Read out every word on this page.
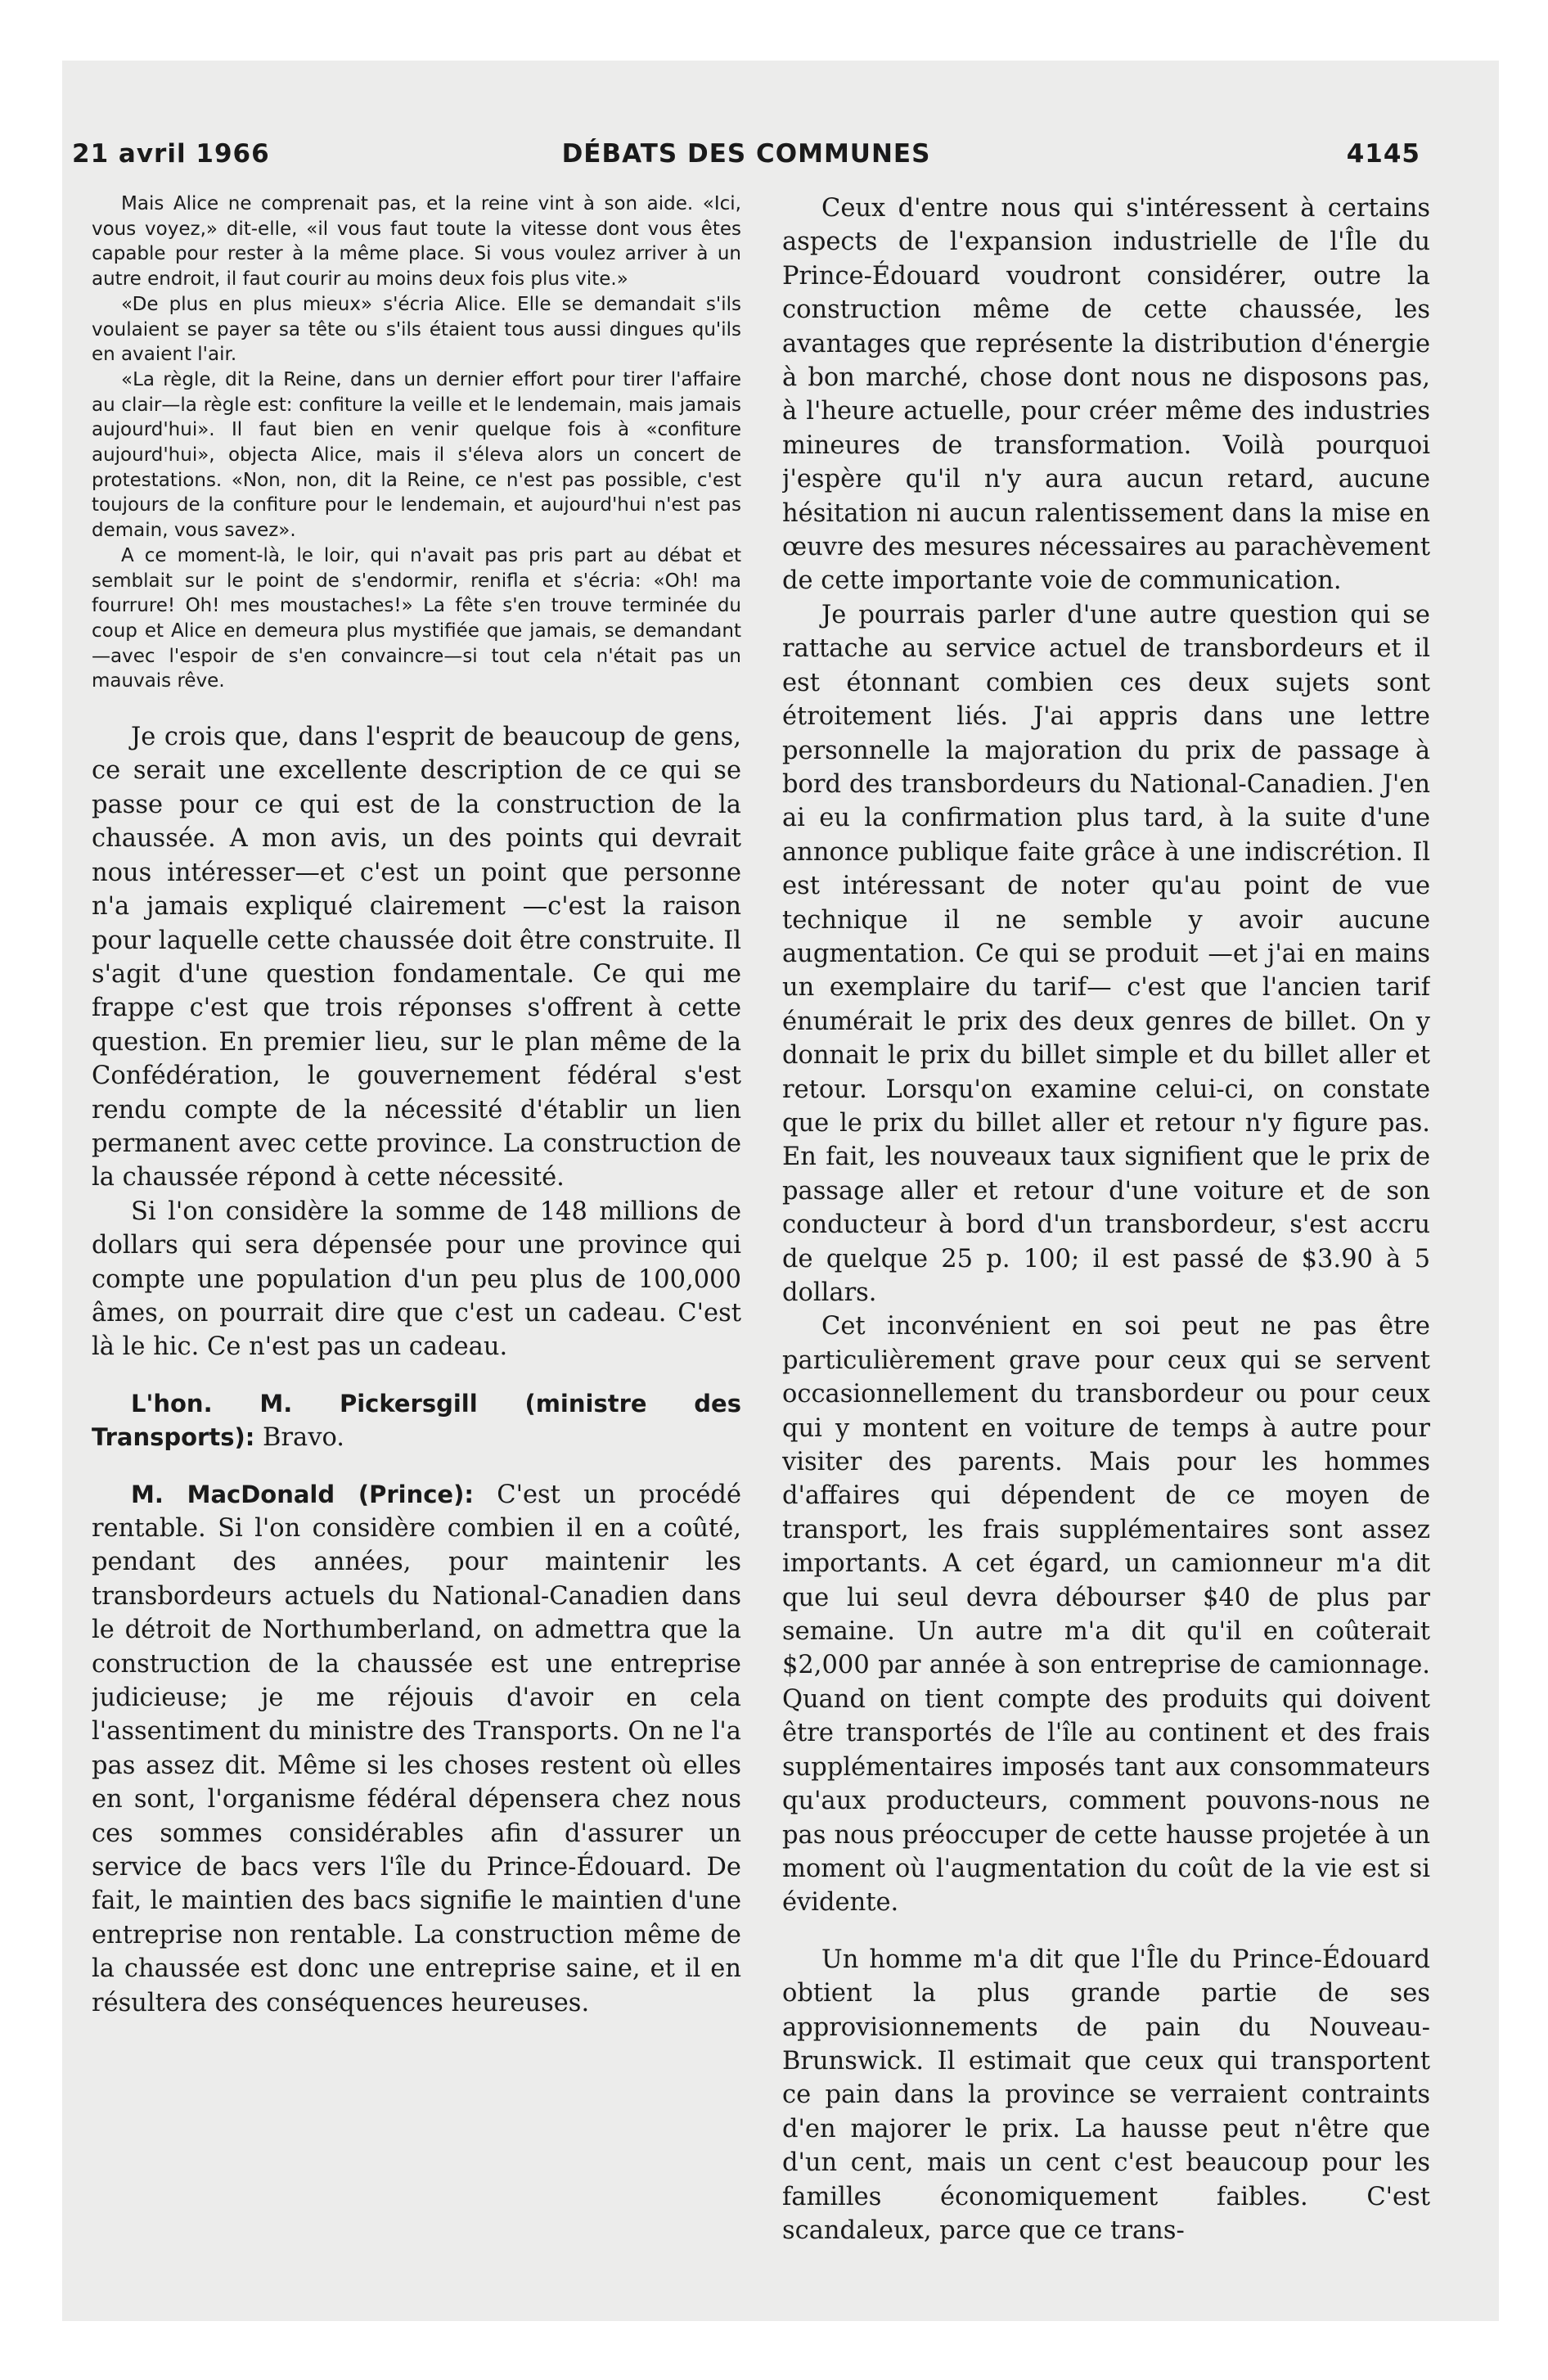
21 avril 1966	DÉBATS DES COMMUNES	4145

Mais Alice ne comprenait pas, et la reine vint à son aide. «Ici, vous voyez,» dit-elle, «il vous faut toute la vitesse dont vous êtes capable pour rester à la même place. Si vous voulez arriver à un autre endroit, il faut courir au moins deux fois plus vite.»

«De plus en plus mieux» s'écria Alice. Elle se demandait s'ils voulaient se payer sa tête ou s'ils étaient tous aussi dingues qu'ils en avaient l'air.

«La règle, dit la Reine, dans un dernier effort pour tirer l'affaire au clair—la règle est: confiture la veille et le lendemain, mais jamais aujourd'hui». Il faut bien en venir quelque fois à «confiture aujourd'hui», objecta Alice, mais il s'éleva alors un concert de protestations. «Non, non, dit la Reine, ce n'est pas possible, c'est toujours de la confiture pour le lendemain, et aujourd'hui n'est pas demain, vous savez».

A ce moment-là, le loir, qui n'avait pas pris part au débat et semblait sur le point de s'endormir, renifla et s'écria: «Oh! ma fourrure! Oh! mes moustaches!» La fête s'en trouve terminée du coup et Alice en demeura plus mystifiée que jamais, se demandant—avec l'espoir de s'en convaincre—si tout cela n'était pas un mauvais rêve.

Je crois que, dans l'esprit de beaucoup de gens, ce serait une excellente description de ce qui se passe pour ce qui est de la construction de la chaussée. A mon avis, un des points qui devrait nous intéresser—et c'est un point que personne n'a jamais expliqué clairement —c'est la raison pour laquelle cette chaussée doit être construite. Il s'agit d'une question fondamentale. Ce qui me frappe c'est que trois réponses s'offrent à cette question. En premier lieu, sur le plan même de la Confédération, le gouvernement fédéral s'est rendu compte de la nécessité d'établir un lien permanent avec cette province. La construction de la chaussée répond à cette nécessité.

Si l'on considère la somme de 148 millions de dollars qui sera dépensée pour une province qui compte une population d'un peu plus de 100,000 âmes, on pourrait dire que c'est un cadeau. C'est là le hic. Ce n'est pas un cadeau.

L'hon. M. Pickersgill (ministre des Transports): Bravo.

M. MacDonald (Prince): C'est un procédé rentable. Si l'on considère combien il en a coûté, pendant des années, pour maintenir les transbordeurs actuels du National-Canadien dans le détroit de Northumberland, on admettra que la construction de la chaussée est une entreprise judicieuse; je me réjouis d'avoir en cela l'assentiment du ministre des Transports. On ne l'a pas assez dit. Même si les choses restent où elles en sont, l'organisme fédéral dépensera chez nous ces sommes considérables afin d'assurer un service de bacs vers l'île du Prince-Édouard. De fait, le maintien des bacs signifie le maintien d'une entreprise non rentable. La construction même de la chaussée est donc une entreprise saine, et il en résultera des conséquences heureuses.

Ceux d'entre nous qui s'intéressent à certains aspects de l'expansion industrielle de l'Île du Prince-Édouard voudront considérer, outre la construction même de cette chaussée, les avantages que représente la distribution d'énergie à bon marché, chose dont nous ne disposons pas, à l'heure actuelle, pour créer même des industries mineures de transformation. Voilà pourquoi j'espère qu'il n'y aura aucun retard, aucune hésitation ni aucun ralentissement dans la mise en œuvre des mesures nécessaires au parachèvement de cette importante voie de communication.

Je pourrais parler d'une autre question qui se rattache au service actuel de transbordeurs et il est étonnant combien ces deux sujets sont étroitement liés. J'ai appris dans une lettre personnelle la majoration du prix de passage à bord des transbordeurs du National-Canadien. J'en ai eu la confirmation plus tard, à la suite d'une annonce publique faite grâce à une indiscrétion. Il est intéressant de noter qu'au point de vue technique il ne semble y avoir aucune augmentation. Ce qui se produit —et j'ai en mains un exemplaire du tarif— c'est que l'ancien tarif énumérait le prix des deux genres de billet. On y donnait le prix du billet simple et du billet aller et retour. Lorsqu'on examine celui-ci, on constate que le prix du billet aller et retour n'y figure pas. En fait, les nouveaux taux signifient que le prix de passage aller et retour d'une voiture et de son conducteur à bord d'un transbordeur, s'est accru de quelque 25 p. 100; il est passé de $3.90 à 5 dollars.

Cet inconvénient en soi peut ne pas être particulièrement grave pour ceux qui se servent occasionnellement du transbordeur ou pour ceux qui y montent en voiture de temps à autre pour visiter des parents. Mais pour les hommes d'affaires qui dépendent de ce moyen de transport, les frais supplémentaires sont assez importants. A cet égard, un camionneur m'a dit que lui seul devra débourser $40 de plus par semaine. Un autre m'a dit qu'il en coûterait $2,000 par année à son entreprise de camionnage. Quand on tient compte des produits qui doivent être transportés de l'île au continent et des frais supplémentaires imposés tant aux consommateurs qu'aux producteurs, comment pouvons-nous ne pas nous préoccuper de cette hausse projetée à un moment où l'augmentation du coût de la vie est si évidente.

Un homme m'a dit que l'Île du Prince-Édouard obtient la plus grande partie de ses approvisionnements de pain du Nouveau-Brunswick. Il estimait que ceux qui transportent ce pain dans la province se verraient contraints d'en majorer le prix. La hausse peut n'être que d'un cent, mais un cent c'est beaucoup pour les familles économiquement faibles. C'est scandaleux, parce que ce trans-
